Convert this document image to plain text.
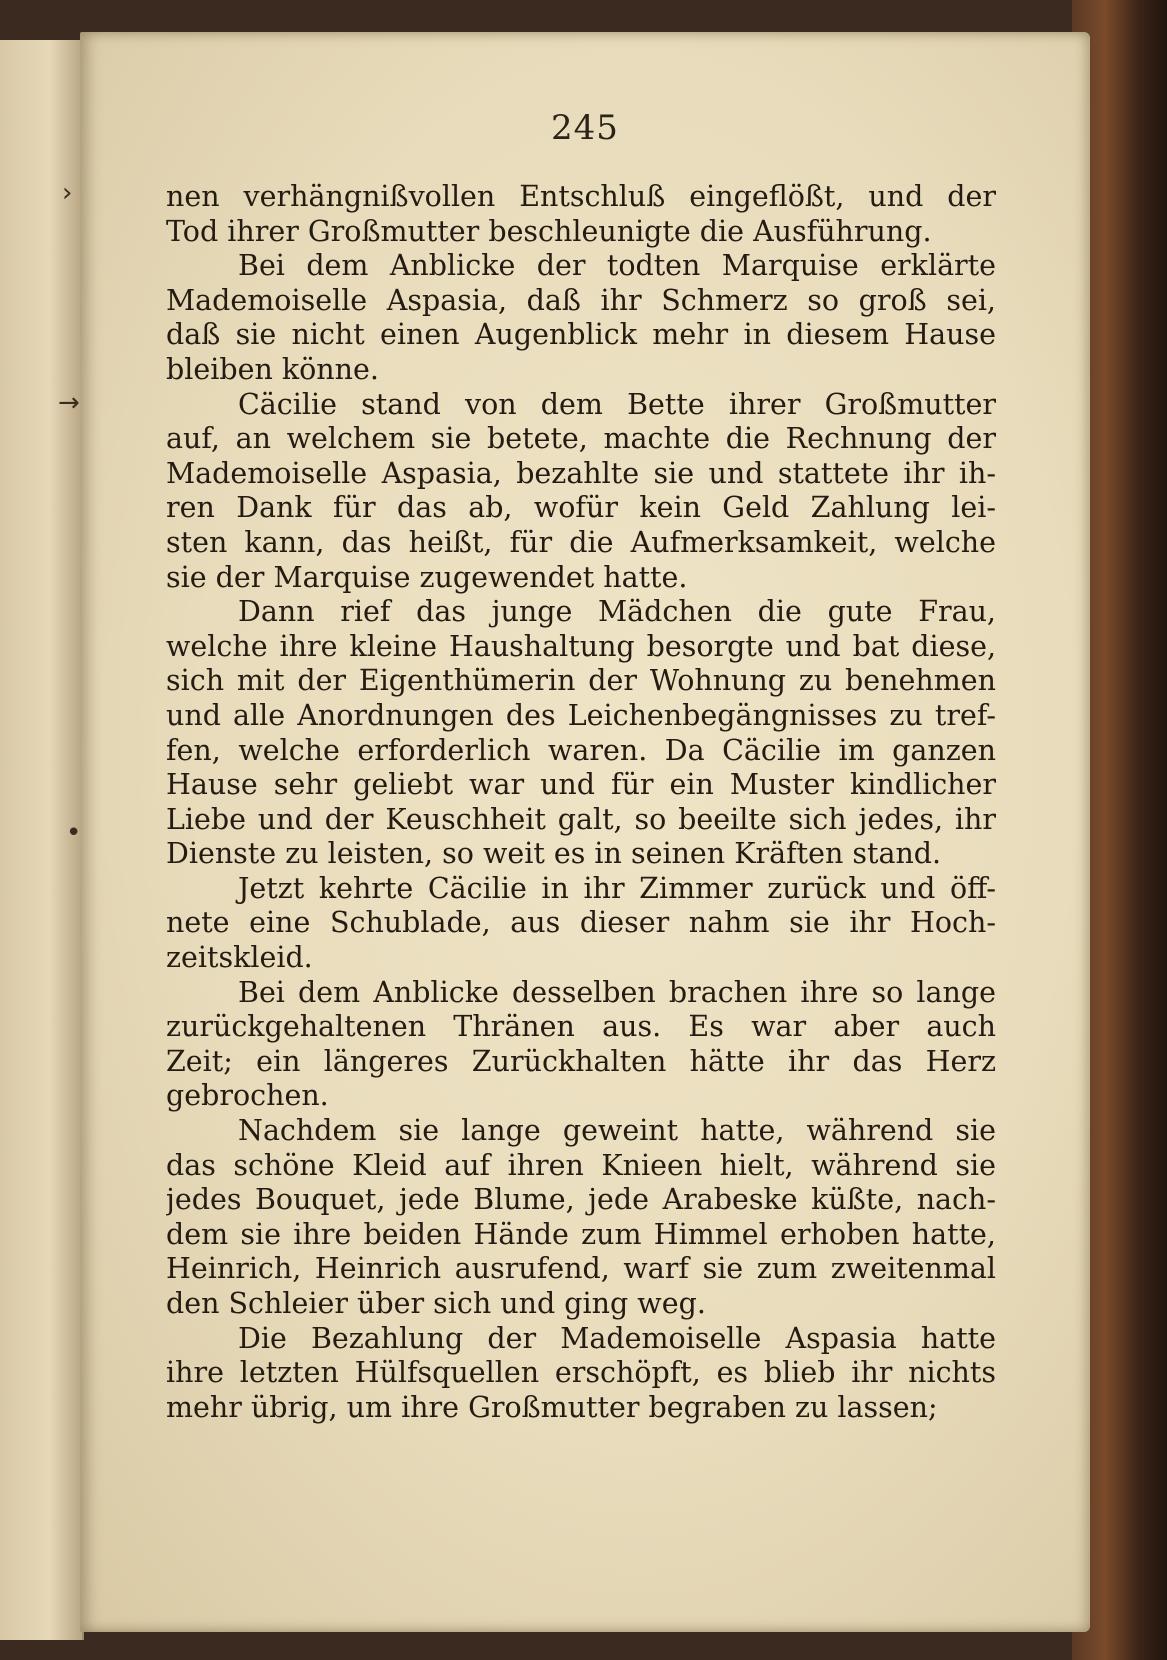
245
nen verhängnißvollen Entschluß eingeflößt, und der
Tod ihrer Großmutter beschleunigte die Ausführung.
Bei dem Anblicke der todten Marquise erklärte
Mademoiselle Aspasia, daß ihr Schmerz so groß sei,
daß sie nicht einen Augenblick mehr in diesem Hause
bleiben könne.
Cäcilie stand von dem Bette ihrer Großmutter
auf, an welchem sie betete, machte die Rechnung der
Mademoiselle Aspasia, bezahlte sie und stattete ihr ih-
ren Dank für das ab, wofür kein Geld Zahlung lei-
sten kann, das heißt, für die Aufmerksamkeit, welche
sie der Marquise zugewendet hatte.
Dann rief das junge Mädchen die gute Frau,
welche ihre kleine Haushaltung besorgte und bat diese,
sich mit der Eigenthümerin der Wohnung zu benehmen
und alle Anordnungen des Leichenbegängnisses zu tref-
fen, welche erforderlich waren. Da Cäcilie im ganzen
Hause sehr geliebt war und für ein Muster kindlicher
Liebe und der Keuschheit galt, so beeilte sich jedes, ihr
Dienste zu leisten, so weit es in seinen Kräften stand.
Jetzt kehrte Cäcilie in ihr Zimmer zurück und öff-
nete eine Schublade, aus dieser nahm sie ihr Hoch-
zeitskleid.
Bei dem Anblicke desselben brachen ihre so lange
zurückgehaltenen Thränen aus. Es war aber auch
Zeit; ein längeres Zurückhalten hätte ihr das Herz
gebrochen.
Nachdem sie lange geweint hatte, während sie
das schöne Kleid auf ihren Knieen hielt, während sie
jedes Bouquet, jede Blume, jede Arabeske küßte, nach-
dem sie ihre beiden Hände zum Himmel erhoben hatte,
Heinrich, Heinrich ausrufend, warf sie zum zweitenmal
den Schleier über sich und ging weg.
Die Bezahlung der Mademoiselle Aspasia hatte
ihre letzten Hülfsquellen erschöpft, es blieb ihr nichts
mehr übrig, um ihre Großmutter begraben zu lassen;
›
→
•
